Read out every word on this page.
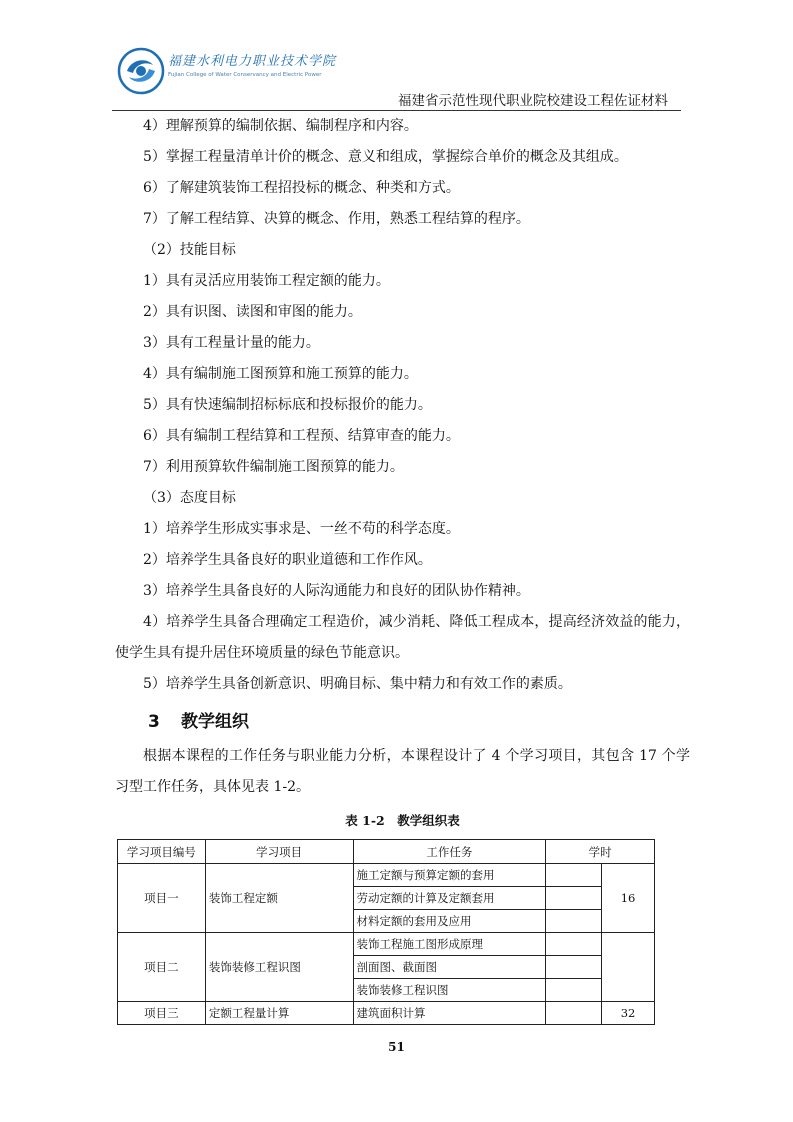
福建水利电力职业技术学院
Fujian College of Water Conservancy and Electric Power
福建省示范性现代职业院校建设工程佐证材料

4）理解预算的编制依据、编制程序和内容。

5）掌握工程量清单计价的概念、意义和组成，掌握综合单价的概念及其组成。

6）了解建筑装饰工程招投标的概念、种类和方式。

7）了解工程结算、决算的概念、作用，熟悉工程结算的程序。

（2）技能目标

1）具有灵活应用装饰工程定额的能力。

2）具有识图、读图和审图的能力。

3）具有工程量计量的能力。

4）具有编制施工图预算和施工预算的能力。

5）具有快速编制招标标底和投标报价的能力。

6）具有编制工程结算和工程预、结算审查的能力。

7）利用预算软件编制施工图预算的能力。

（3）态度目标

1）培养学生形成实事求是、一丝不苟的科学态度。

2）培养学生具备良好的职业道德和工作作风。

3）培养学生具备良好的人际沟通能力和良好的团队协作精神。

4）培养学生具备合理确定工程造价，减少消耗、降低工程成本，提高经济效益的能力，使学生具有提升居住环境质量的绿色节能意识。

5）培养学生具备创新意识、明确目标、集中精力和有效工作的素质。

3 教学组织

根据本课程的工作任务与职业能力分析，本课程设计了 4 个学习项目，其包含 17 个学习型工作任务，具体见表 1-2。

表 1-2　教学组织表
学习项目编号	学习项目	工作任务	学时	
项目一	装饰工程定额	施工定额与预算定额的套用		16
		劳动定额的计算及定额套用		
		材料定额的套用及应用		
项目二	装饰装修工程识图	装饰工程施工图形成原理		
		剖面图、截面图		
		装饰装修工程识图		
项目三	定额工程量计算	建筑面积计算		32
51
